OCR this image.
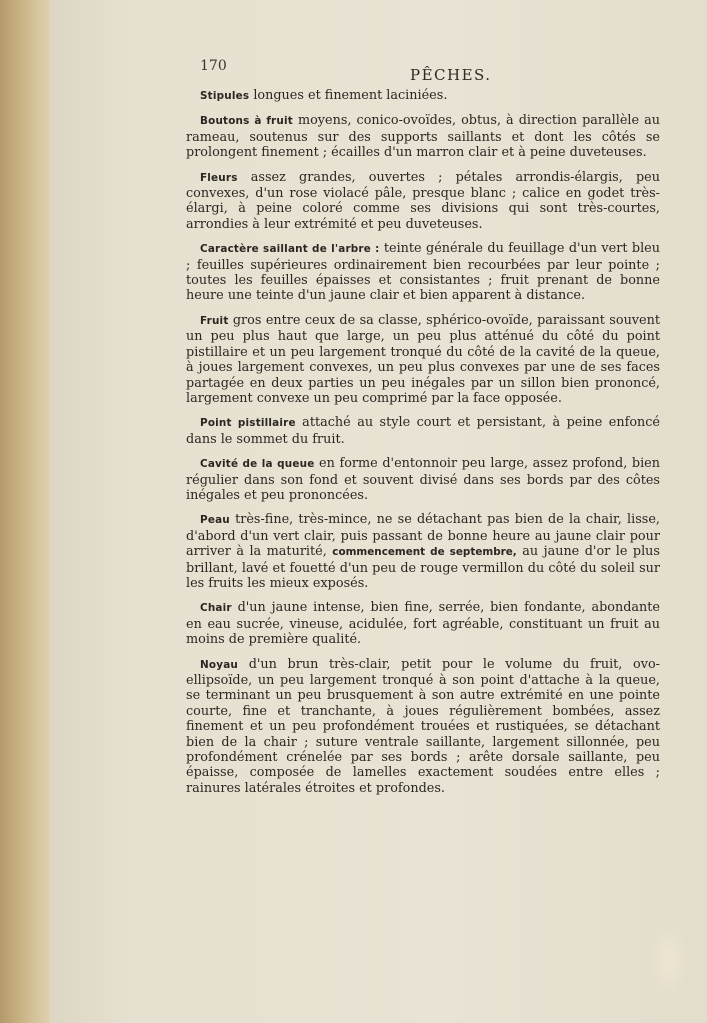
170	PÊCHES.

Stipules longues et finement laciniées.

Boutons à fruit moyens, conico-ovoïdes, obtus, à direction parallèle au rameau, soutenus sur des supports saillants et dont les côtés se prolongent finement ; écailles d'un marron clair et à peine duveteuses.

Fleurs assez grandes, ouvertes ; pétales arrondis-élargis, peu convexes, d'un rose violacé pâle, presque blanc ; calice en godet très-élargi, à peine coloré comme ses divisions qui sont très-courtes, arrondies à leur extrémité et peu duveteuses.

Caractère saillant de l'arbre : teinte générale du feuillage d'un vert bleu ; feuilles supérieures ordinairement bien recourbées par leur pointe ; toutes les feuilles épaisses et consistantes ; fruit prenant de bonne heure une teinte d'un jaune clair et bien apparent à distance.

Fruit gros entre ceux de sa classe, sphérico-ovoïde, paraissant souvent un peu plus haut que large, un peu plus atténué du côté du point pistillaire et un peu largement tronqué du côté de la cavité de la queue, à joues largement convexes, un peu plus convexes par une de ses faces partagée en deux parties un peu inégales par un sillon bien prononcé, largement convexe un peu comprimé par la face opposée.

Point pistillaire attaché au style court et persistant, à peine enfoncé dans le sommet du fruit.

Cavité de la queue en forme d'entonnoir peu large, assez profond, bien régulier dans son fond et souvent divisé dans ses bords par des côtes inégales et peu prononcées.

Peau très-fine, très-mince, ne se détachant pas bien de la chair, lisse, d'abord d'un vert clair, puis passant de bonne heure au jaune clair pour arriver à la maturité, commencement de septembre, au jaune d'or le plus brillant, lavé et fouetté d'un peu de rouge vermillon du côté du soleil sur les fruits les mieux exposés.

Chair d'un jaune intense, bien fine, serrée, bien fondante, abondante en eau sucrée, vineuse, acidulée, fort agréable, constituant un fruit au moins de première qualité.

Noyau d'un brun très-clair, petit pour le volume du fruit, ovo-ellipsoïde, un peu largement tronqué à son point d'attache à la queue, se terminant un peu brusquement à son autre extrémité en une pointe courte, fine et tranchante, à joues régulièrement bombées, assez finement et un peu profondément trouées et rustiquées, se détachant bien de la chair ; suture ventrale saillante, largement sillonnée, peu profondément crénelée par ses bords ; arête dorsale saillante, peu épaisse, composée de lamelles exactement soudées entre elles ; rainures latérales étroites et profondes.
